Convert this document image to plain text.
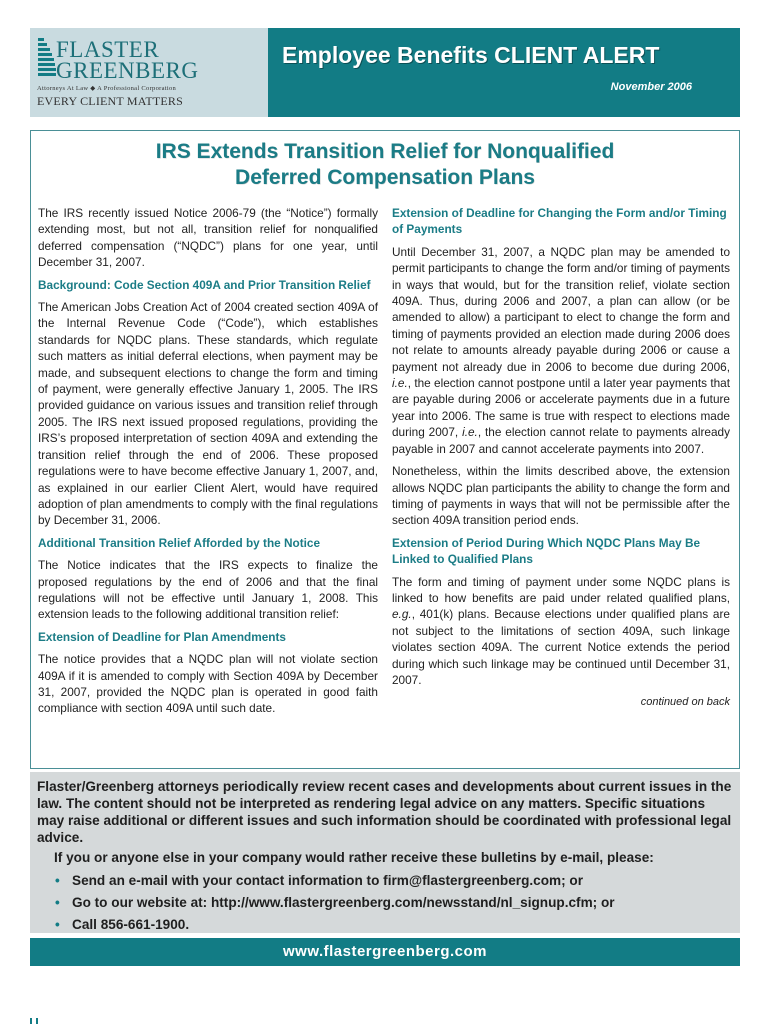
FLASTER
GREENBERG
Attorneys At Law ◆ A Professional Corporation
EVERY CLIENT MATTERS
Employee Benefits CLIENT ALERT
November 2006
IRS Extends Transition Relief for Nonqualified
Deferred Compensation Plans

The IRS recently issued Notice 2006-79 (the “Notice”) formally extending most, but not all, transition relief for nonqualified deferred compensation (“NQDC”) plans for one year, until December 31, 2007.

Background: Code Section 409A and Prior Transition Relief

The American Jobs Creation Act of 2004 created section 409A of the Internal Revenue Code (“Code”), which establishes standards for NQDC plans. These standards, which regulate such matters as initial deferral elections, when payment may be made, and subsequent elections to change the form and timing of payment, were generally effective January 1, 2005. The IRS provided guidance on various issues and transition relief through 2005. The IRS next issued proposed regulations, providing the IRS’s proposed interpretation of section 409A and extending the transition relief through the end of 2006. These proposed regulations were to have become effective January 1, 2007, and, as explained in our earlier Client Alert, would have required adoption of plan amendments to comply with the final regulations by December 31, 2006.

Additional Transition Relief Afforded by the Notice

The Notice indicates that the IRS expects to finalize the proposed regulations by the end of 2006 and that the final regulations will not be effective until January 1, 2008. This extension leads to the following additional transition relief:

Extension of Deadline for Plan Amendments

The notice provides that a NQDC plan will not violate section 409A if it is amended to comply with Section 409A by December 31, 2007, provided the NQDC plan is operated in good faith compliance with section 409A until such date.

Extension of Deadline for Changing the Form and/or Timing of Payments

Until December 31, 2007, a NQDC plan may be amended to permit participants to change the form and/or timing of payments in ways that would, but for the transition relief, violate section 409A. Thus, during 2006 and 2007, a plan can allow (or be amended to allow) a participant to elect to change the form and timing of payments provided an election made during 2006 does not relate to amounts already payable during 2006 or cause a payment not already due in 2006 to become due during 2006, i.e., the election cannot postpone until a later year payments that are payable during 2006 or accelerate payments due in a future year into 2006. The same is true with respect to elections made during 2007, i.e., the election cannot relate to payments already payable in 2007 and cannot accelerate payments into 2007.

Nonetheless, within the limits described above, the extension allows NQDC plan participants the ability to change the form and timing of payments in ways that will not be permissible after the section 409A transition period ends.

Extension of Period During Which NQDC Plans May Be Linked to Qualified Plans

The form and timing of payment under some NQDC plans is linked to how benefits are paid under related qualified plans, e.g., 401(k) plans. Because elections under qualified plans are not subject to the limitations of section 409A, such linkage violates section 409A. The current Notice extends the period during which such linkage may be continued until December 31, 2007.

continued on back
Flaster/Greenberg attorneys periodically review recent cases and developments about current issues in the law. The content should not be interpreted as rendering legal advice on any matters. Specific situations may raise additional or different issues and such information should be coordinated with professional legal advice.
If you or anyone else in your company would rather receive these bulletins by e-mail, please:
• Send an e-mail with your contact information to firm@flastergreenberg.com; or
• Go to our website at: http://www.flastergreenberg.com/newsstand/nl_signup.cfm; or
• Call 856-661-1900.
www.flastergreenberg.com
